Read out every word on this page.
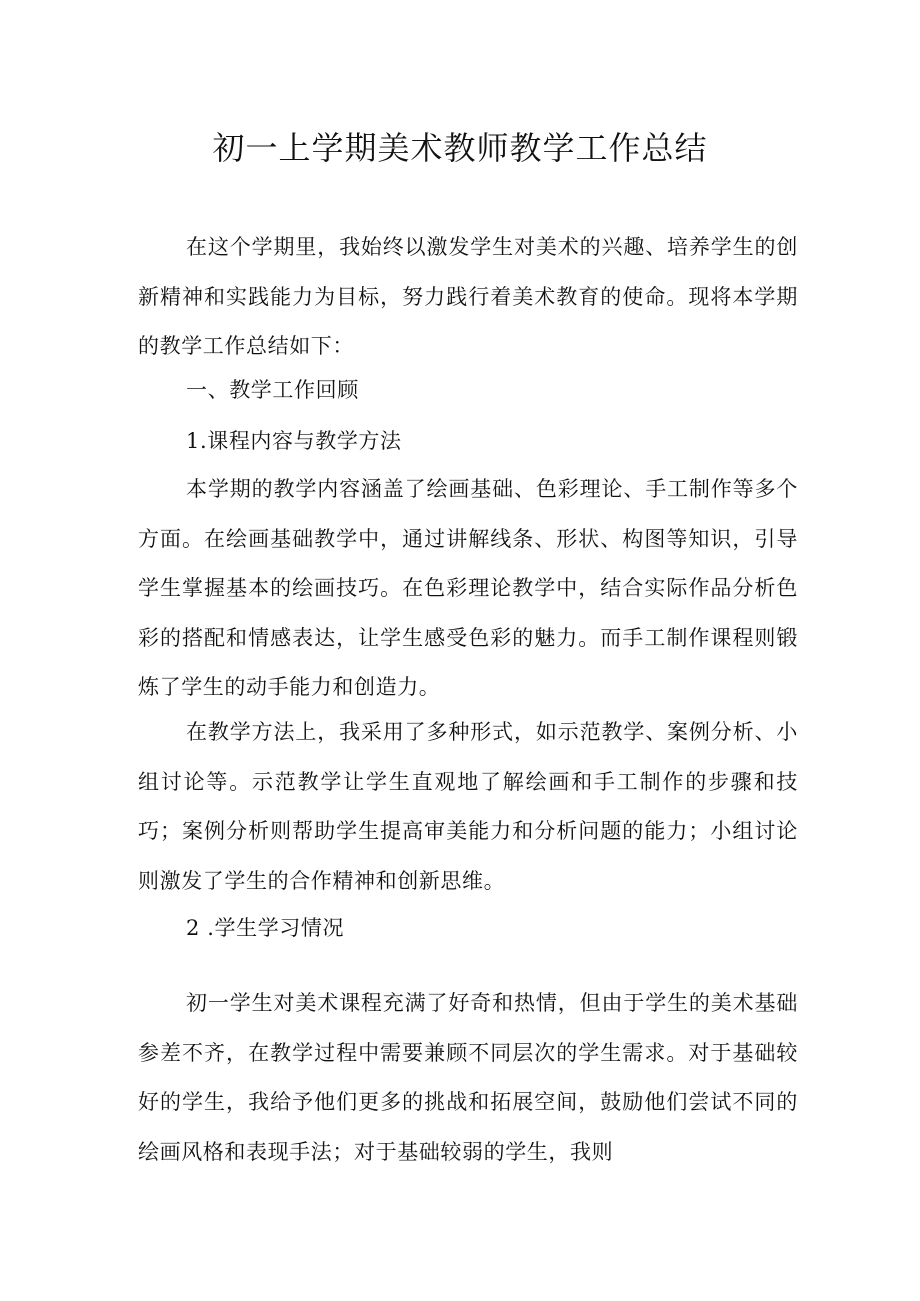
初一上学期美术教师教学工作总结

在这个学期里，我始终以激发学生对美术的兴趣、培养学生的创新精神和实践能力为目标，努力践行着美术教育的使命。现将本学期的教学工作总结如下：

一、教学工作回顾
1.课程内容与教学方法

本学期的教学内容涵盖了绘画基础、色彩理论、手工制作等多个方面。在绘画基础教学中，通过讲解线条、形状、构图等知识，引导学生掌握基本的绘画技巧。在色彩理论教学中，结合实际作品分析色彩的搭配和情感表达，让学生感受色彩的魅力。而手工制作课程则锻炼了学生的动手能力和创造力。

在教学方法上，我采用了多种形式，如示范教学、案例分析、小组讨论等。示范教学让学生直观地了解绘画和手工制作的步骤和技巧；案例分析则帮助学生提高审美能力和分析问题的能力；小组讨论则激发了学生的合作精神和创新思维。

2 .学生学习情况

初一学生对美术课程充满了好奇和热情，但由于学生的美术基础参差不齐，在教学过程中需要兼顾不同层次的学生需求。对于基础较好的学生，我给予他们更多的挑战和拓展空间，鼓励他们尝试不同的绘画风格和表现手法；对于基础较弱的学生，我则
